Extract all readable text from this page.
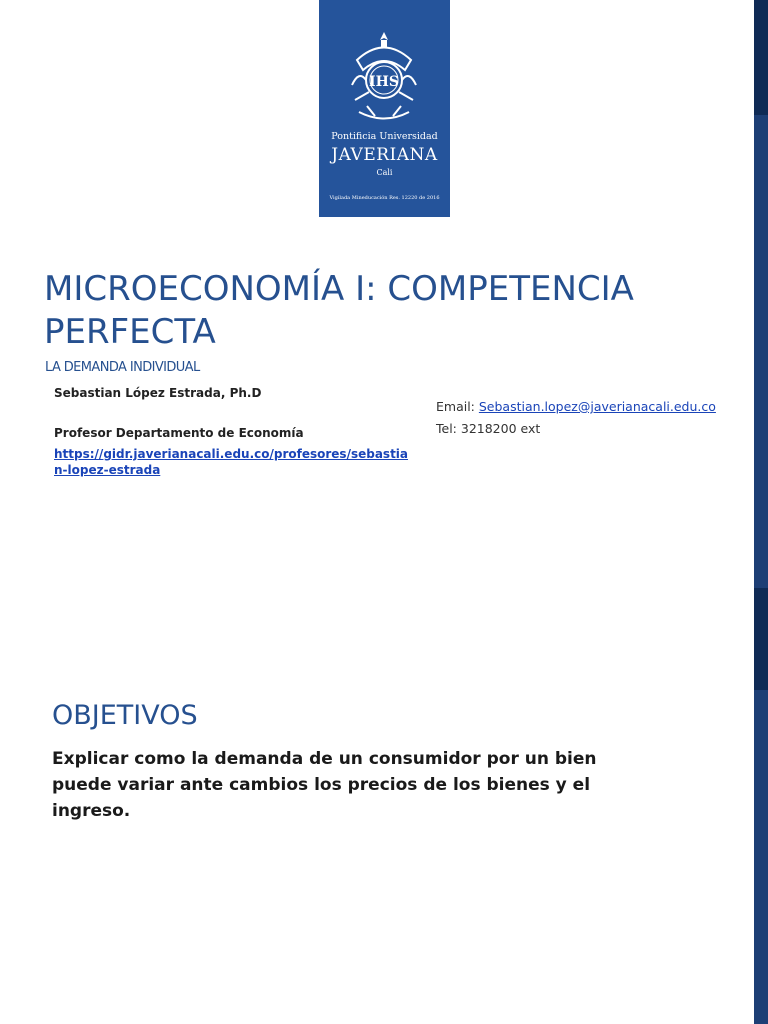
IHS
Pontificia Universidad
JAVERIANA
Cali
Vigilada Mineducación Res. 12220 de 2016
MICROECONOMÍA I: COMPETENCIA PERFECTA
LA DEMANDA INDIVIDUAL
Sebastian López Estrada, Ph.D
Profesor Departamento de Economía
https://gidr.javerianacali.edu.co/profesores/sebastian-lopez-estrada
Email: Sebastian.lopez@javerianacali.edu.co
Tel: 3218200 ext
OBJETIVOS
Explicar como la demanda de un consumidor por un bien puede variar ante cambios los precios de los bienes y el ingreso.
